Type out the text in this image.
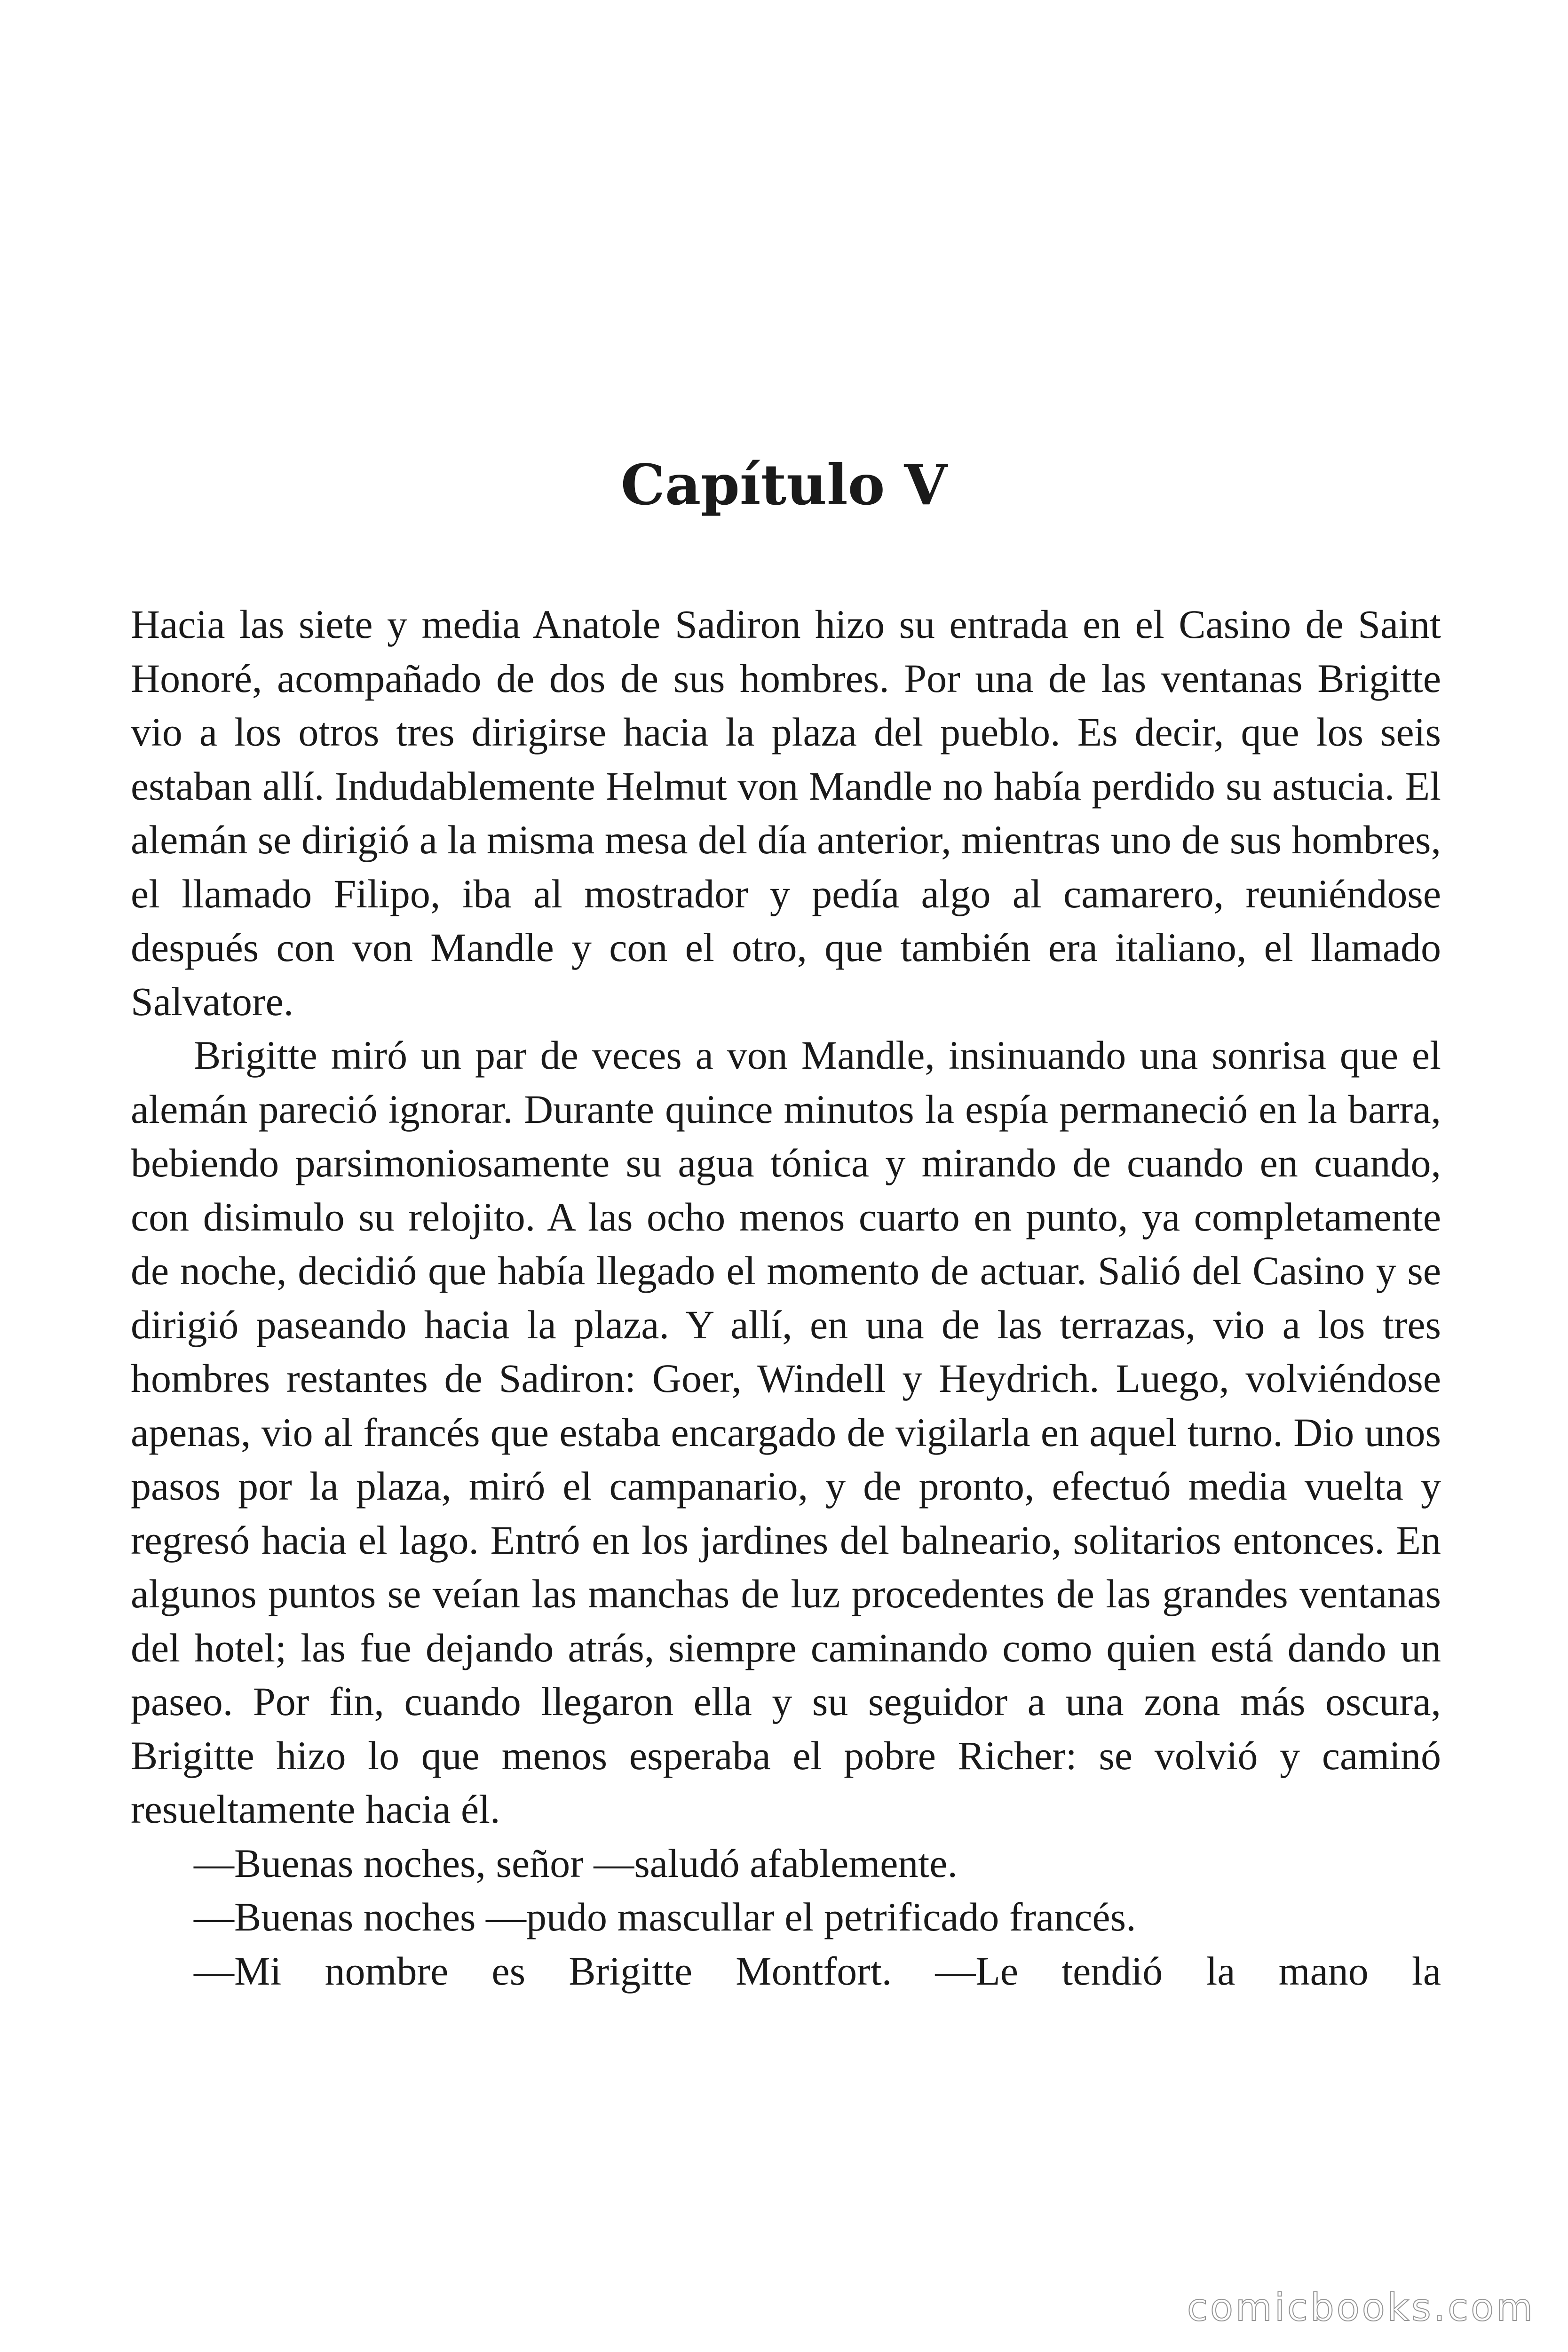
Capítulo V

Hacia las siete y media Anatole Sadiron hizo su entrada en el Casino de Saint Honoré, acompañado de dos de sus hombres. Por una de las ventanas Brigitte vio a los otros tres dirigirse hacia la plaza del pueblo. Es decir, que los seis estaban allí. Indudablemente Helmut von Mandle no había perdido su astucia. El alemán se dirigió a la misma mesa del día anterior, mientras uno de sus hombres, el llamado Filipo, iba al mostrador y pedía algo al camarero, reuniéndose después con von Mandle y con el otro, que también era italiano, el llamado Salvatore.

Brigitte miró un par de veces a von Mandle, insinuando una sonrisa que el alemán pareció ignorar. Durante quince minutos la espía permaneció en la barra, bebiendo parsimoniosamente su agua tónica y mirando de cuando en cuando, con disimulo su relojito. A las ocho menos cuarto en punto, ya completamente de noche, decidió que había llegado el momento de actuar. Salió del Casino y se dirigió paseando hacia la plaza. Y allí, en una de las terrazas, vio a los tres hombres restantes de Sadiron: Goer, Windell y Heydrich. Luego, volviéndose apenas, vio al francés que estaba encargado de vigilarla en aquel turno. Dio unos pasos por la plaza, miró el campanario, y de pronto, efectuó media vuelta y regresó hacia el lago. Entró en los jardines del balneario, solitarios entonces. En algunos puntos se veían las manchas de luz procedentes de las grandes ventanas del hotel; las fue dejando atrás, siempre caminando como quien está dando un paseo. Por fin, cuando llegaron ella y su seguidor a una zona más oscura, Brigitte hizo lo que menos esperaba el pobre Richer: se volvió y caminó resueltamente hacia él.

—Buenas noches, señor —saludó afablemente.

—Buenas noches —pudo mascullar el petrificado francés.

—Mi nombre es Brigitte Montfort. —Le tendió la mano la

comicbooks.com
